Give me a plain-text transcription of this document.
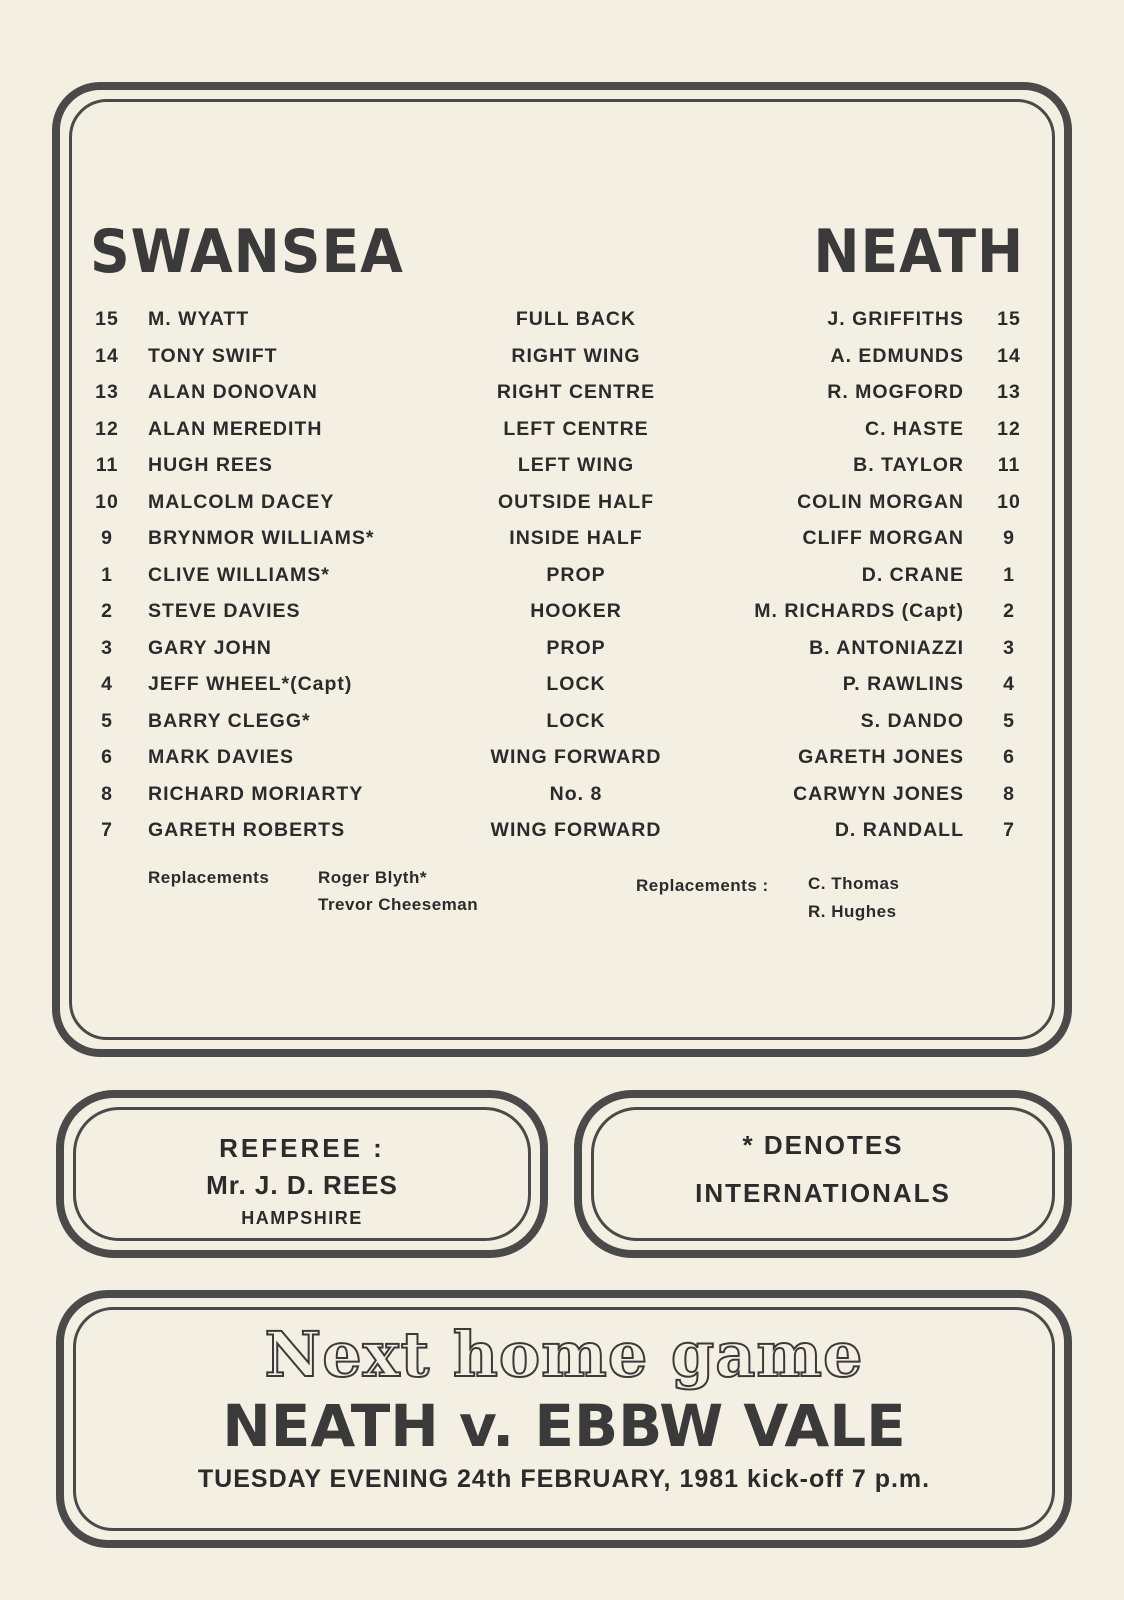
SWANSEA	NEATH
15 M. WYATT	FULL BACK	J. GRIFFITHS 15
14 TONY SWIFT	RIGHT WING	A. EDMUNDS 14
13 ALAN DONOVAN	RIGHT CENTRE	R. MOGFORD 13
12 ALAN MEREDITH	LEFT CENTRE	C. HASTE 12
11 HUGH REES	LEFT WING	B. TAYLOR 11
10 MALCOLM DACEY	OUTSIDE HALF	COLIN MORGAN 10
9	BRYNMOR WILLIAMS*	INSIDE HALF	CLIFF MORGAN	9
1	CLIVE WILLIAMS*	PROP	D. CRANE	1
2	STEVE DAVIES	HOOKER	M. RICHARDS (Capt)	2
3	GARY JOHN	PROP	B. ANTONIAZZI	3
4	JEFF WHEEL*(Capt)	LOCK	P. RAWLINS	4
5	BARRY CLEGG*	LOCK	S. DANDO	5
6	MARK DAVIES	WING FORWARD	GARETH JONES	6
8	RICHARD MORIARTY	No. 8	CARWYN JONES	8
7	GARETH ROBERTS	WING FORWARD	D. RANDALL	7
Replacements	Roger Blyth*
Trevor Cheeseman
Replacements : C. Thomas
R. Hughes
REFEREE :
Mr. J. D. REES
HAMPSHIRE
* DENOTES
INTERNATIONALS
Next home game
NEATH v. EBBW VALE
TUESDAY EVENING 24th FEBRUARY, 1981 kick-off 7 p.m.
